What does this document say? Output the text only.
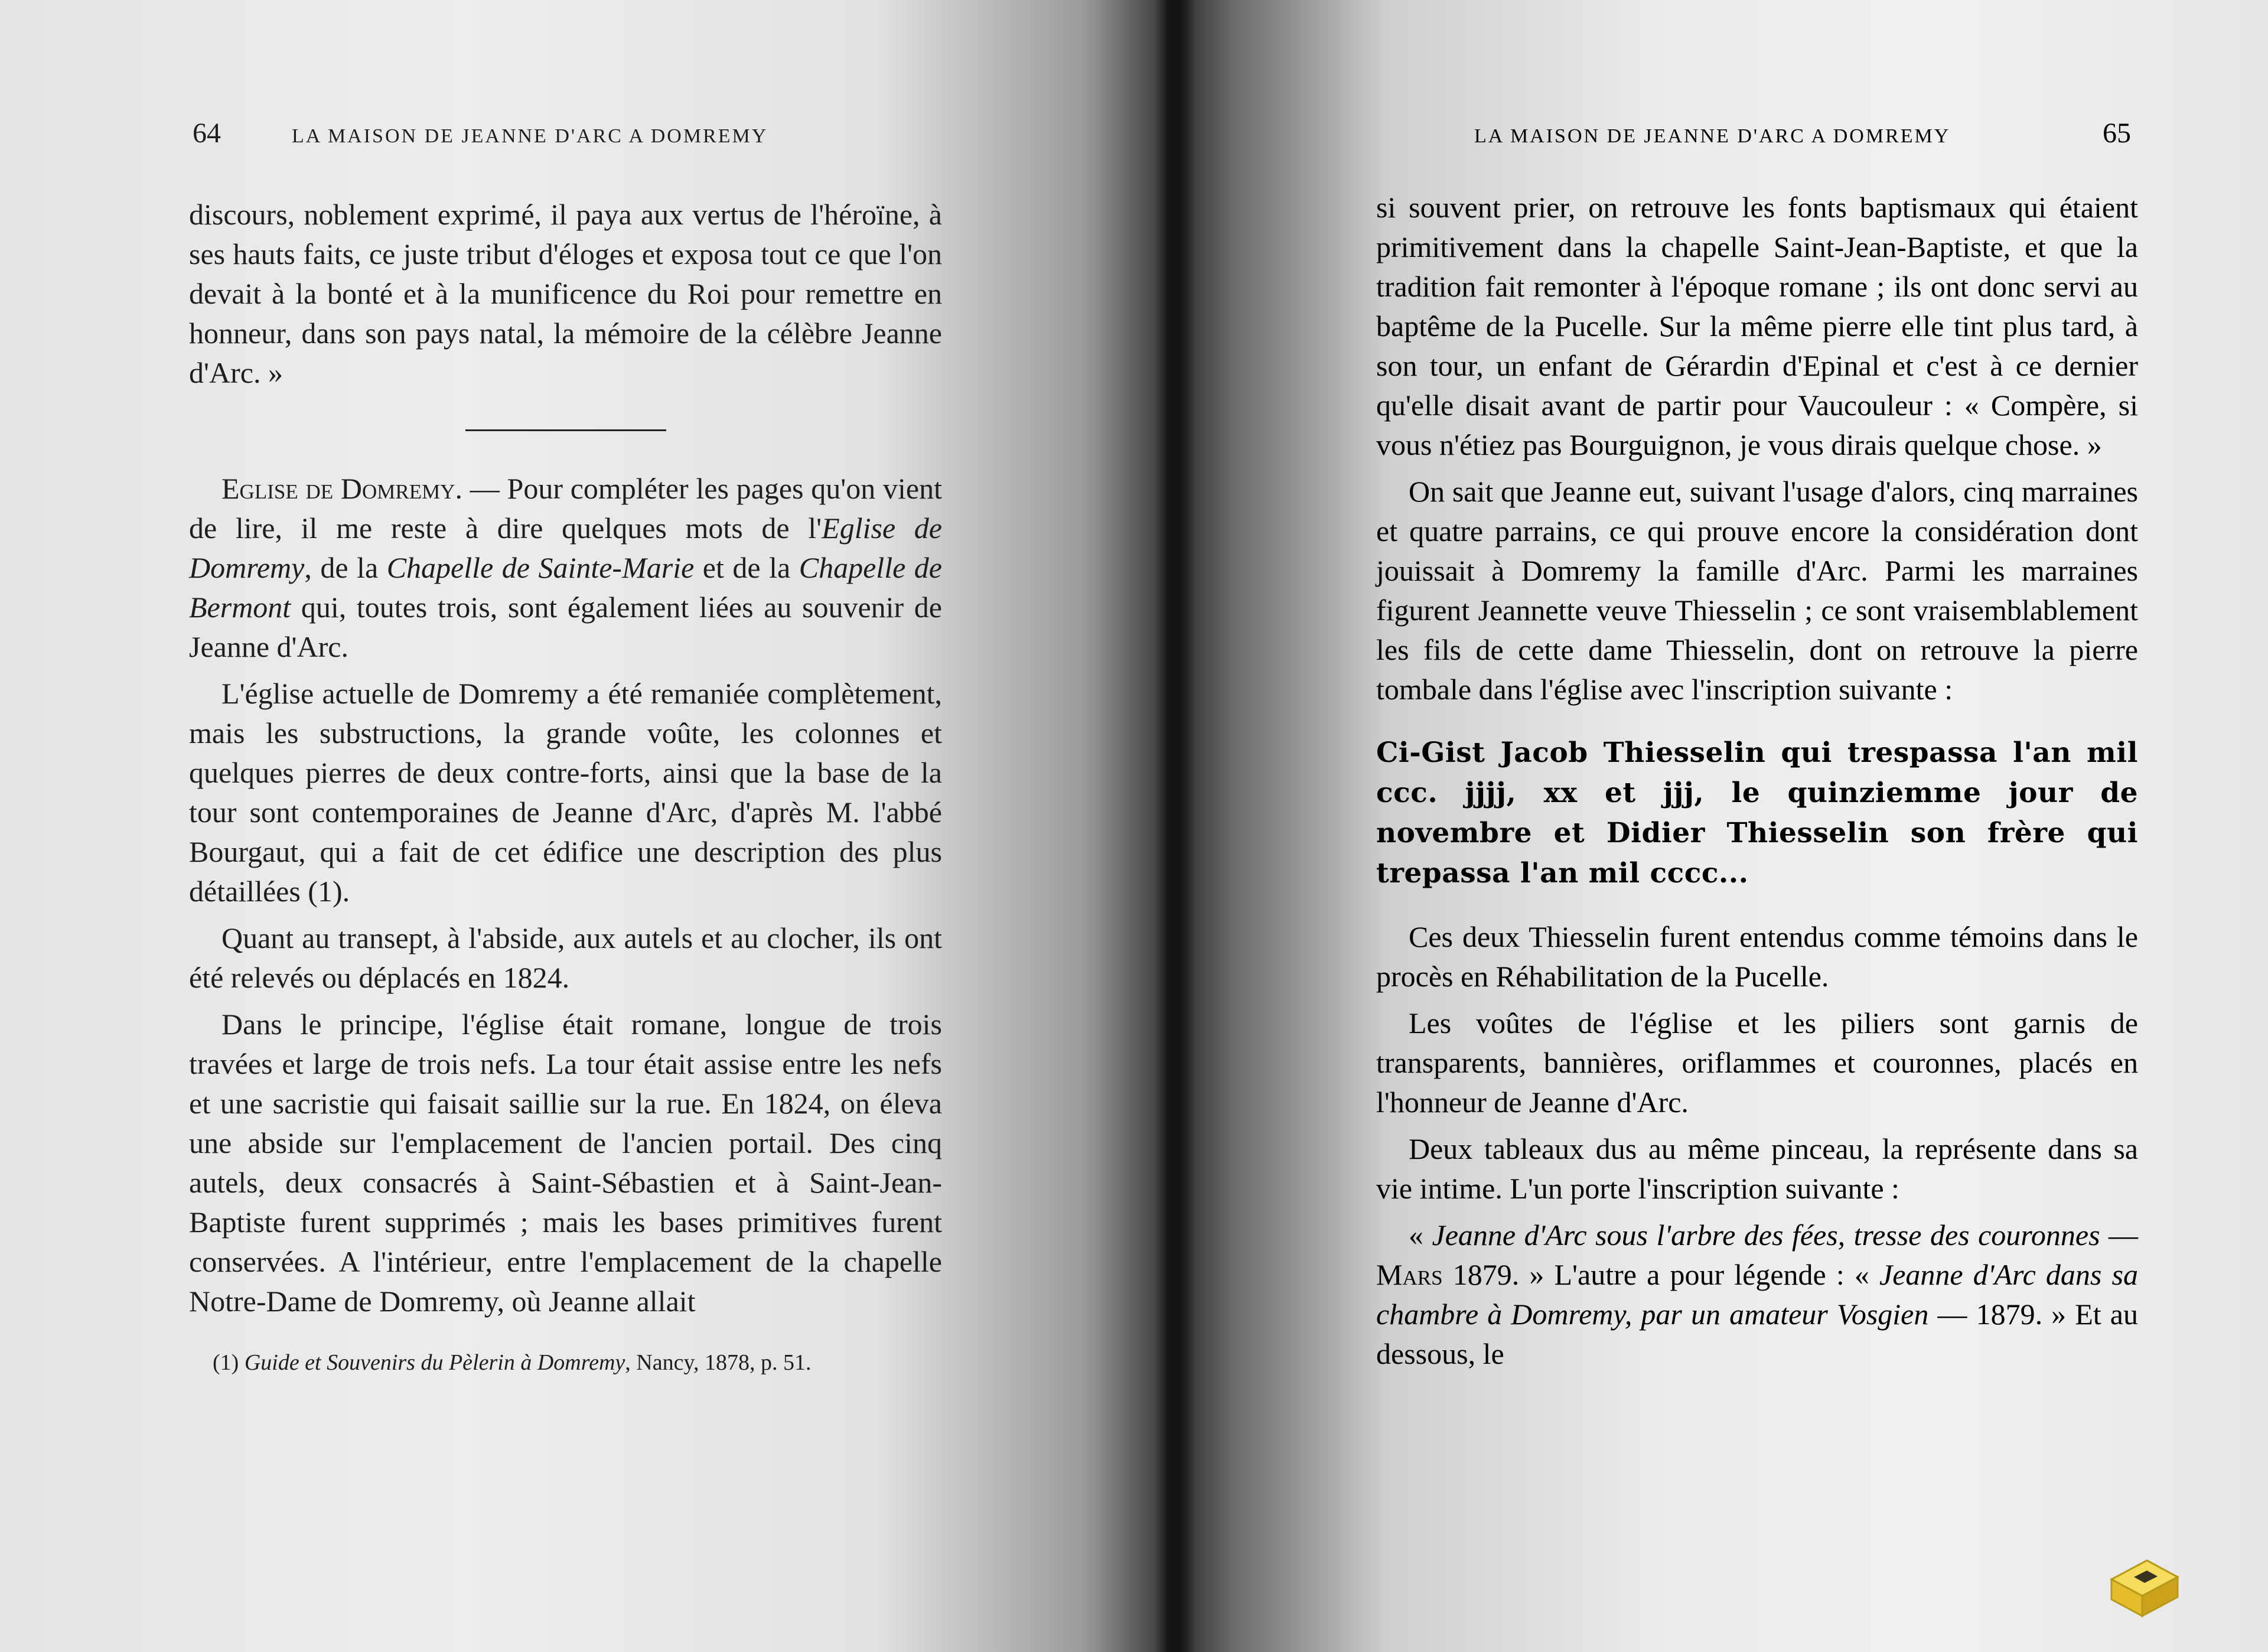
64	LA MAISON DE JEANNE D'ARC A DOMREMY

discours, noblement exprimé, il paya aux vertus de l'héroïne, à ses hauts faits, ce juste tribut d'éloges et exposa tout ce que l'on devait à la bonté et à la munificence du Roi pour remettre en honneur, dans son pays natal, la mémoire de la célèbre Jeanne d'Arc. »

Eglise de Domremy. — Pour compléter les pages qu'on vient de lire, il me reste à dire quelques mots de l'Eglise de Domremy, de la Chapelle de Sainte-Marie et de la Chapelle de Bermont qui, toutes trois, sont également liées au souvenir de Jeanne d'Arc.

L'église actuelle de Domremy a été remaniée complètement, mais les substructions, la grande voûte, les colonnes et quelques pierres de deux contre-forts, ainsi que la base de la tour sont contemporaines de Jeanne d'Arc, d'après M. l'abbé Bourgaut, qui a fait de cet édifice une description des plus détaillées (1).

Quant au transept, à l'abside, aux autels et au clocher, ils ont été relevés ou déplacés en 1824.

Dans le principe, l'église était romane, longue de trois travées et large de trois nefs. La tour était assise entre les nefs et une sacristie qui faisait saillie sur la rue. En 1824, on éleva une abside sur l'emplacement de l'ancien portail. Des cinq autels, deux consacrés à Saint-Sébastien et à Saint-Jean-Baptiste furent supprimés ; mais les bases primitives furent conservées. A l'intérieur, entre l'emplacement de la chapelle Notre-Dame de Domremy, où Jeanne allait

(1) Guide et Souvenirs du Pèlerin à Domremy, Nancy, 1878, p. 51.

LA MAISON DE JEANNE D'ARC A DOMREMY	65

si souvent prier, on retrouve les fonts baptismaux qui étaient primitivement dans la chapelle Saint-Jean-Baptiste, et que la tradition fait remonter à l'époque romane ; ils ont donc servi au baptême de la Pucelle. Sur la même pierre elle tint plus tard, à son tour, un enfant de Gérardin d'Epinal et c'est à ce dernier qu'elle disait avant de partir pour Vaucouleur : « Compère, si vous n'étiez pas Bourguignon, je vous dirais quelque chose. »

On sait que Jeanne eut, suivant l'usage d'alors, cinq marraines et quatre parrains, ce qui prouve encore la considération dont jouissait à Domremy la famille d'Arc. Parmi les marraines figurent Jeannette veuve Thiesselin ; ce sont vraisemblablement les fils de cette dame Thiesselin, dont on retrouve la pierre tombale dans l'église avec l'inscription suivante :

Ci-Gist Jacob Thiesselin qui trespassa l'an mil ccc. jjjj, xx et jjj, le quinziemme jour de novembre et Didier Thiesselin son frère qui trepassa l'an mil cccc...

Ces deux Thiesselin furent entendus comme témoins dans le procès en Réhabilitation de la Pucelle.

Les voûtes de l'église et les piliers sont garnis de transparents, bannières, oriflammes et couronnes, placés en l'honneur de Jeanne d'Arc.

Deux tableaux dus au même pinceau, la représente dans sa vie intime. L'un porte l'inscription suivante :

« Jeanne d'Arc sous l'arbre des fées, tresse des couronnes — Mars 1879. » L'autre a pour légende : « Jeanne d'Arc dans sa chambre à Domremy, par un amateur Vosgien — 1879. » Et au dessous, le
